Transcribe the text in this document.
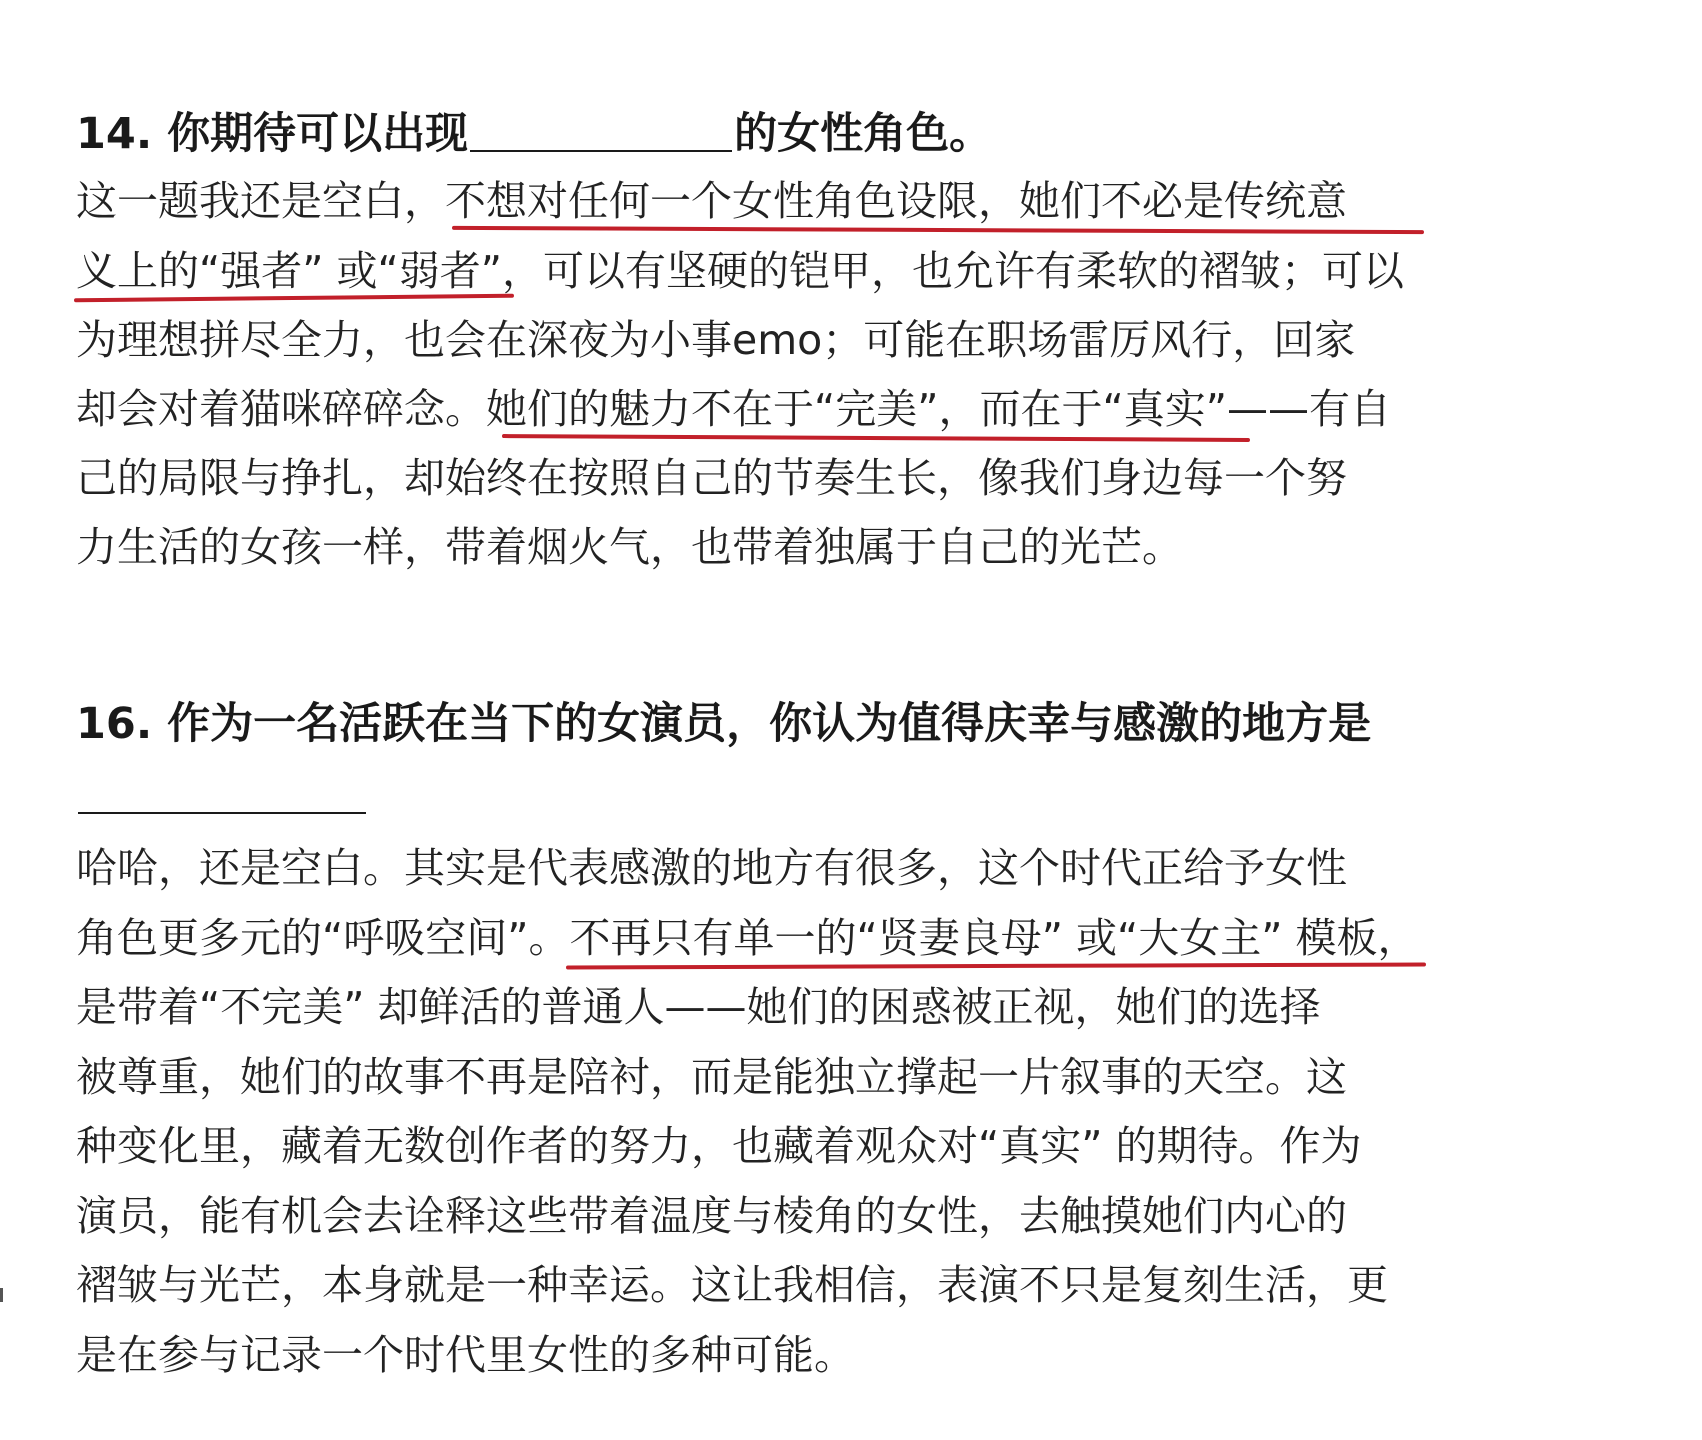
14. 你期待可以出现	的女性角色。
这一题我还是空白，不想对任何一个女性角色设限，她们不必是传统意
义上的“强者” 或“弱者”，可以有坚硬的铠甲，也允许有柔软的褶皱；可以
为理想拼尽全力，也会在深夜为小事emo；可能在职场雷厉风行，回家
却会对着猫咪碎碎念。她们的魅力不在于“完美”，而在于“真实”——有自
己的局限与挣扎，却始终在按照自己的节奏生长，像我们身边每一个努
力生活的女孩一样，带着烟火气，也带着独属于自己的光芒。
16. 作为一名活跃在当下的女演员，你认为值得庆幸与感激的地方是
哈哈，还是空白。其实是代表感激的地方有很多，这个时代正给予女性
角色更多元的“呼吸空间”。不再只有单一的“贤妻良母” 或“大女主” 模板，
是带着“不完美” 却鲜活的普通人——她们的困惑被正视，她们的选择
被尊重，她们的故事不再是陪衬，而是能独立撑起一片叙事的天空。这
种变化里，藏着无数创作者的努力，也藏着观众对“真实” 的期待。作为
演员，能有机会去诠释这些带着温度与棱角的女性，去触摸她们内心的
褶皱与光芒，本身就是一种幸运。这让我相信，表演不只是复刻生活，更
是在参与记录一个时代里女性的多种可能。
